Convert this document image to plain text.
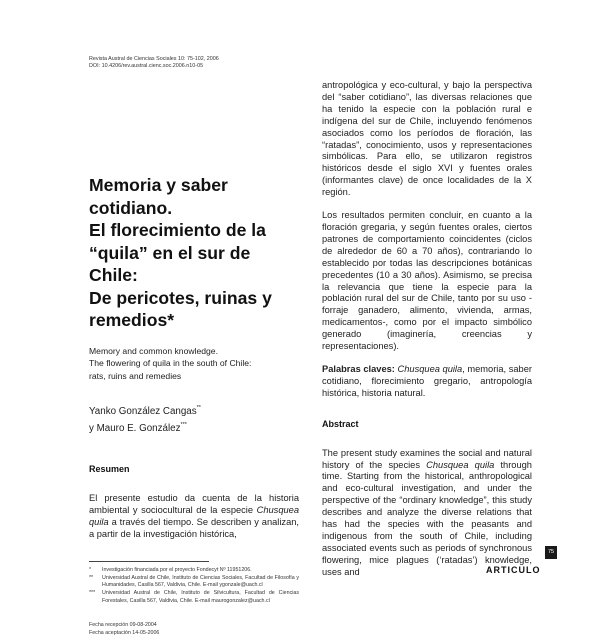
Revista Austral de Ciencias Sociales 10: 75-102, 2006
DOI: 10.4206/rev.austral.cienc.soc.2006.n10-05
Memoria y saber
cotidiano.
El florecimiento de la
“quila” en el sur de Chile:
De pericotes, ruinas y
remedios*
Memory and common knowledge.
The flowering of quila in the south of Chile:
rats, ruins and remedies
Yanko González Cangas**
y Mauro E. González***
Resumen
El presente estudio da cuenta de la historia ambiental y sociocultural de la especie Chusquea quila a través del tiempo. Se describen y analizan, a partir de la investigación histórica,
* Investigación financiada por el proyecto Fondecyt Nº 11951206.
** Universidad Austral de Chile, Instituto de Ciencias Sociales, Facultad de Filosofía y Humanidades, Casilla 567, Valdivia, Chile. E-mail ygonzale@uach.cl
*** Universidad Austral de Chile, Instituto de Silvicultura, Facultad de Ciencias Forestales, Casilla 567, Valdivia, Chile. E-mail maurogonzalez@uach.cl
Fecha recepción 09-08-2004
Fecha aceptación 14-05-2006
antropológica y eco-cultural, y bajo la perspectiva del “saber cotidiano”, las diversas relaciones que ha tenido la especie con la población rural e indígena del sur de Chile, incluyendo fenómenos asociados como los períodos de floración, las “ratadas”, conocimiento, usos y representaciones simbólicas. Para ello, se utilizaron registros históricos desde el siglo XVI y fuentes orales (informantes clave) de once localidades de la X región.
Los resultados permiten concluir, en cuanto a la floración gregaria, y según fuentes orales, ciertos patrones de comportamiento coincidentes (ciclos de alrededor de 60 a 70 años), contrariando lo establecido por todas las descripciones botánicas precedentes (10 a 30 años). Asimismo, se precisa la relevancia que tiene la especie para la población rural del sur de Chile, tanto por su uso -forraje ganadero, alimento, vivienda, armas, medicamentos-, como por el impacto simbólico generado (imaginería, creencias y representaciones).
Palabras claves: Chusquea quila, memoria, saber cotidiano, florecimiento gregario, antropología histórica, historia natural.
Abstract
The present study examines the social and natural history of the species Chusquea quila through time. Starting from the historical, anthropological and eco-cultural investigation, and under the perspective of the “ordinary knowledge”, this study describes and analyze the diverse relations that has had the species with the peasants and indigenous from the south of Chile, including associated events such as periods of synchronous flowering, mice plagues (‘ratadas’) knowledge, uses and
75
ARTICULO
